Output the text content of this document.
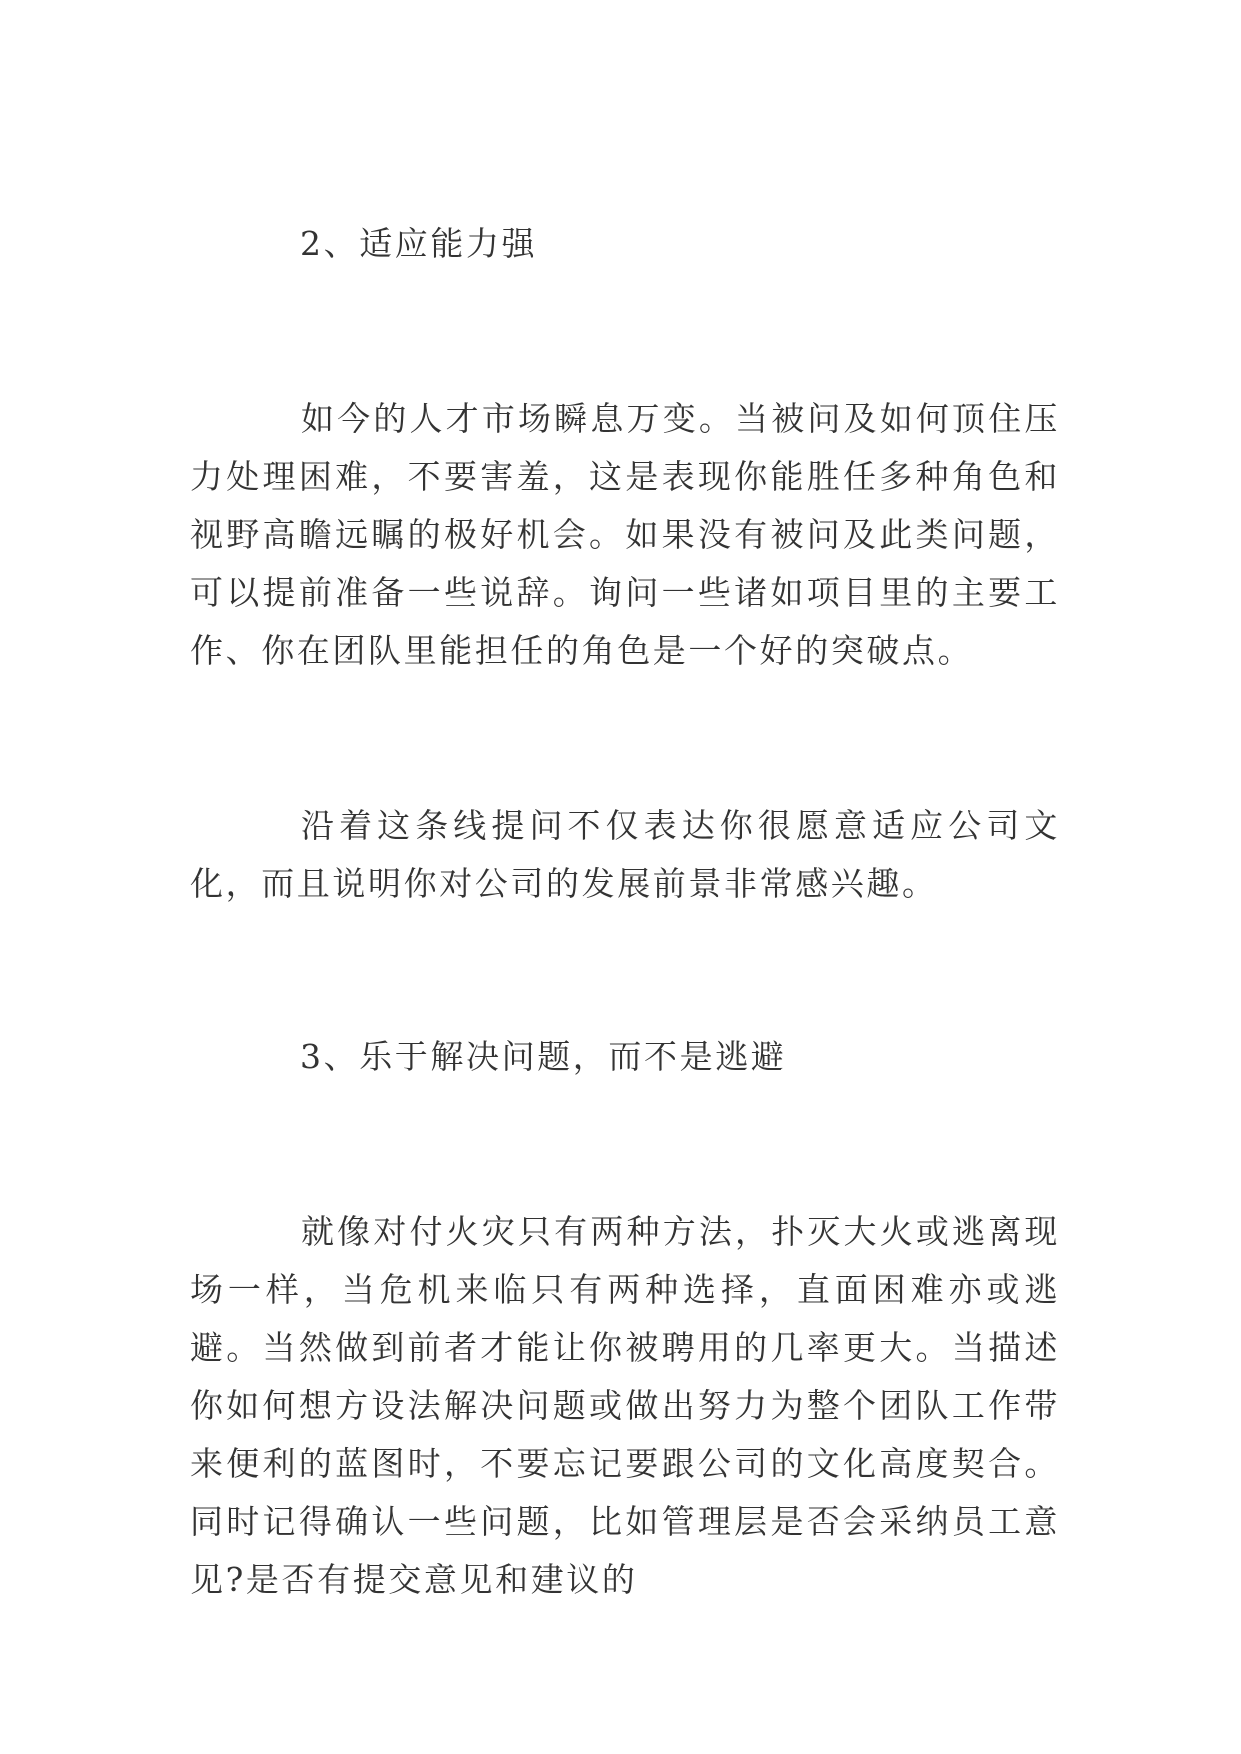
2、适应能力强

如今的人才市场瞬息万变。当被问及如何顶住压力处理困难，不要害羞，这是表现你能胜任多种角色和视野高瞻远瞩的极好机会。如果没有被问及此类问题，可以提前准备一些说辞。询问一些诸如项目里的主要工作、你在团队里能担任的角色是一个好的突破点。

沿着这条线提问不仅表达你很愿意适应公司文化，而且说明你对公司的发展前景非常感兴趣。

3、乐于解决问题，而不是逃避

就像对付火灾只有两种方法，扑灭大火或逃离现场一样，当危机来临只有两种选择，直面困难亦或逃避。当然做到前者才能让你被聘用的几率更大。当描述你如何想方设法解决问题或做出努力为整个团队工作带来便利的蓝图时，不要忘记要跟公司的文化高度契合。同时记得确认一些问题，比如管理层是否会采纳员工意见?是否有提交意见和建议的
